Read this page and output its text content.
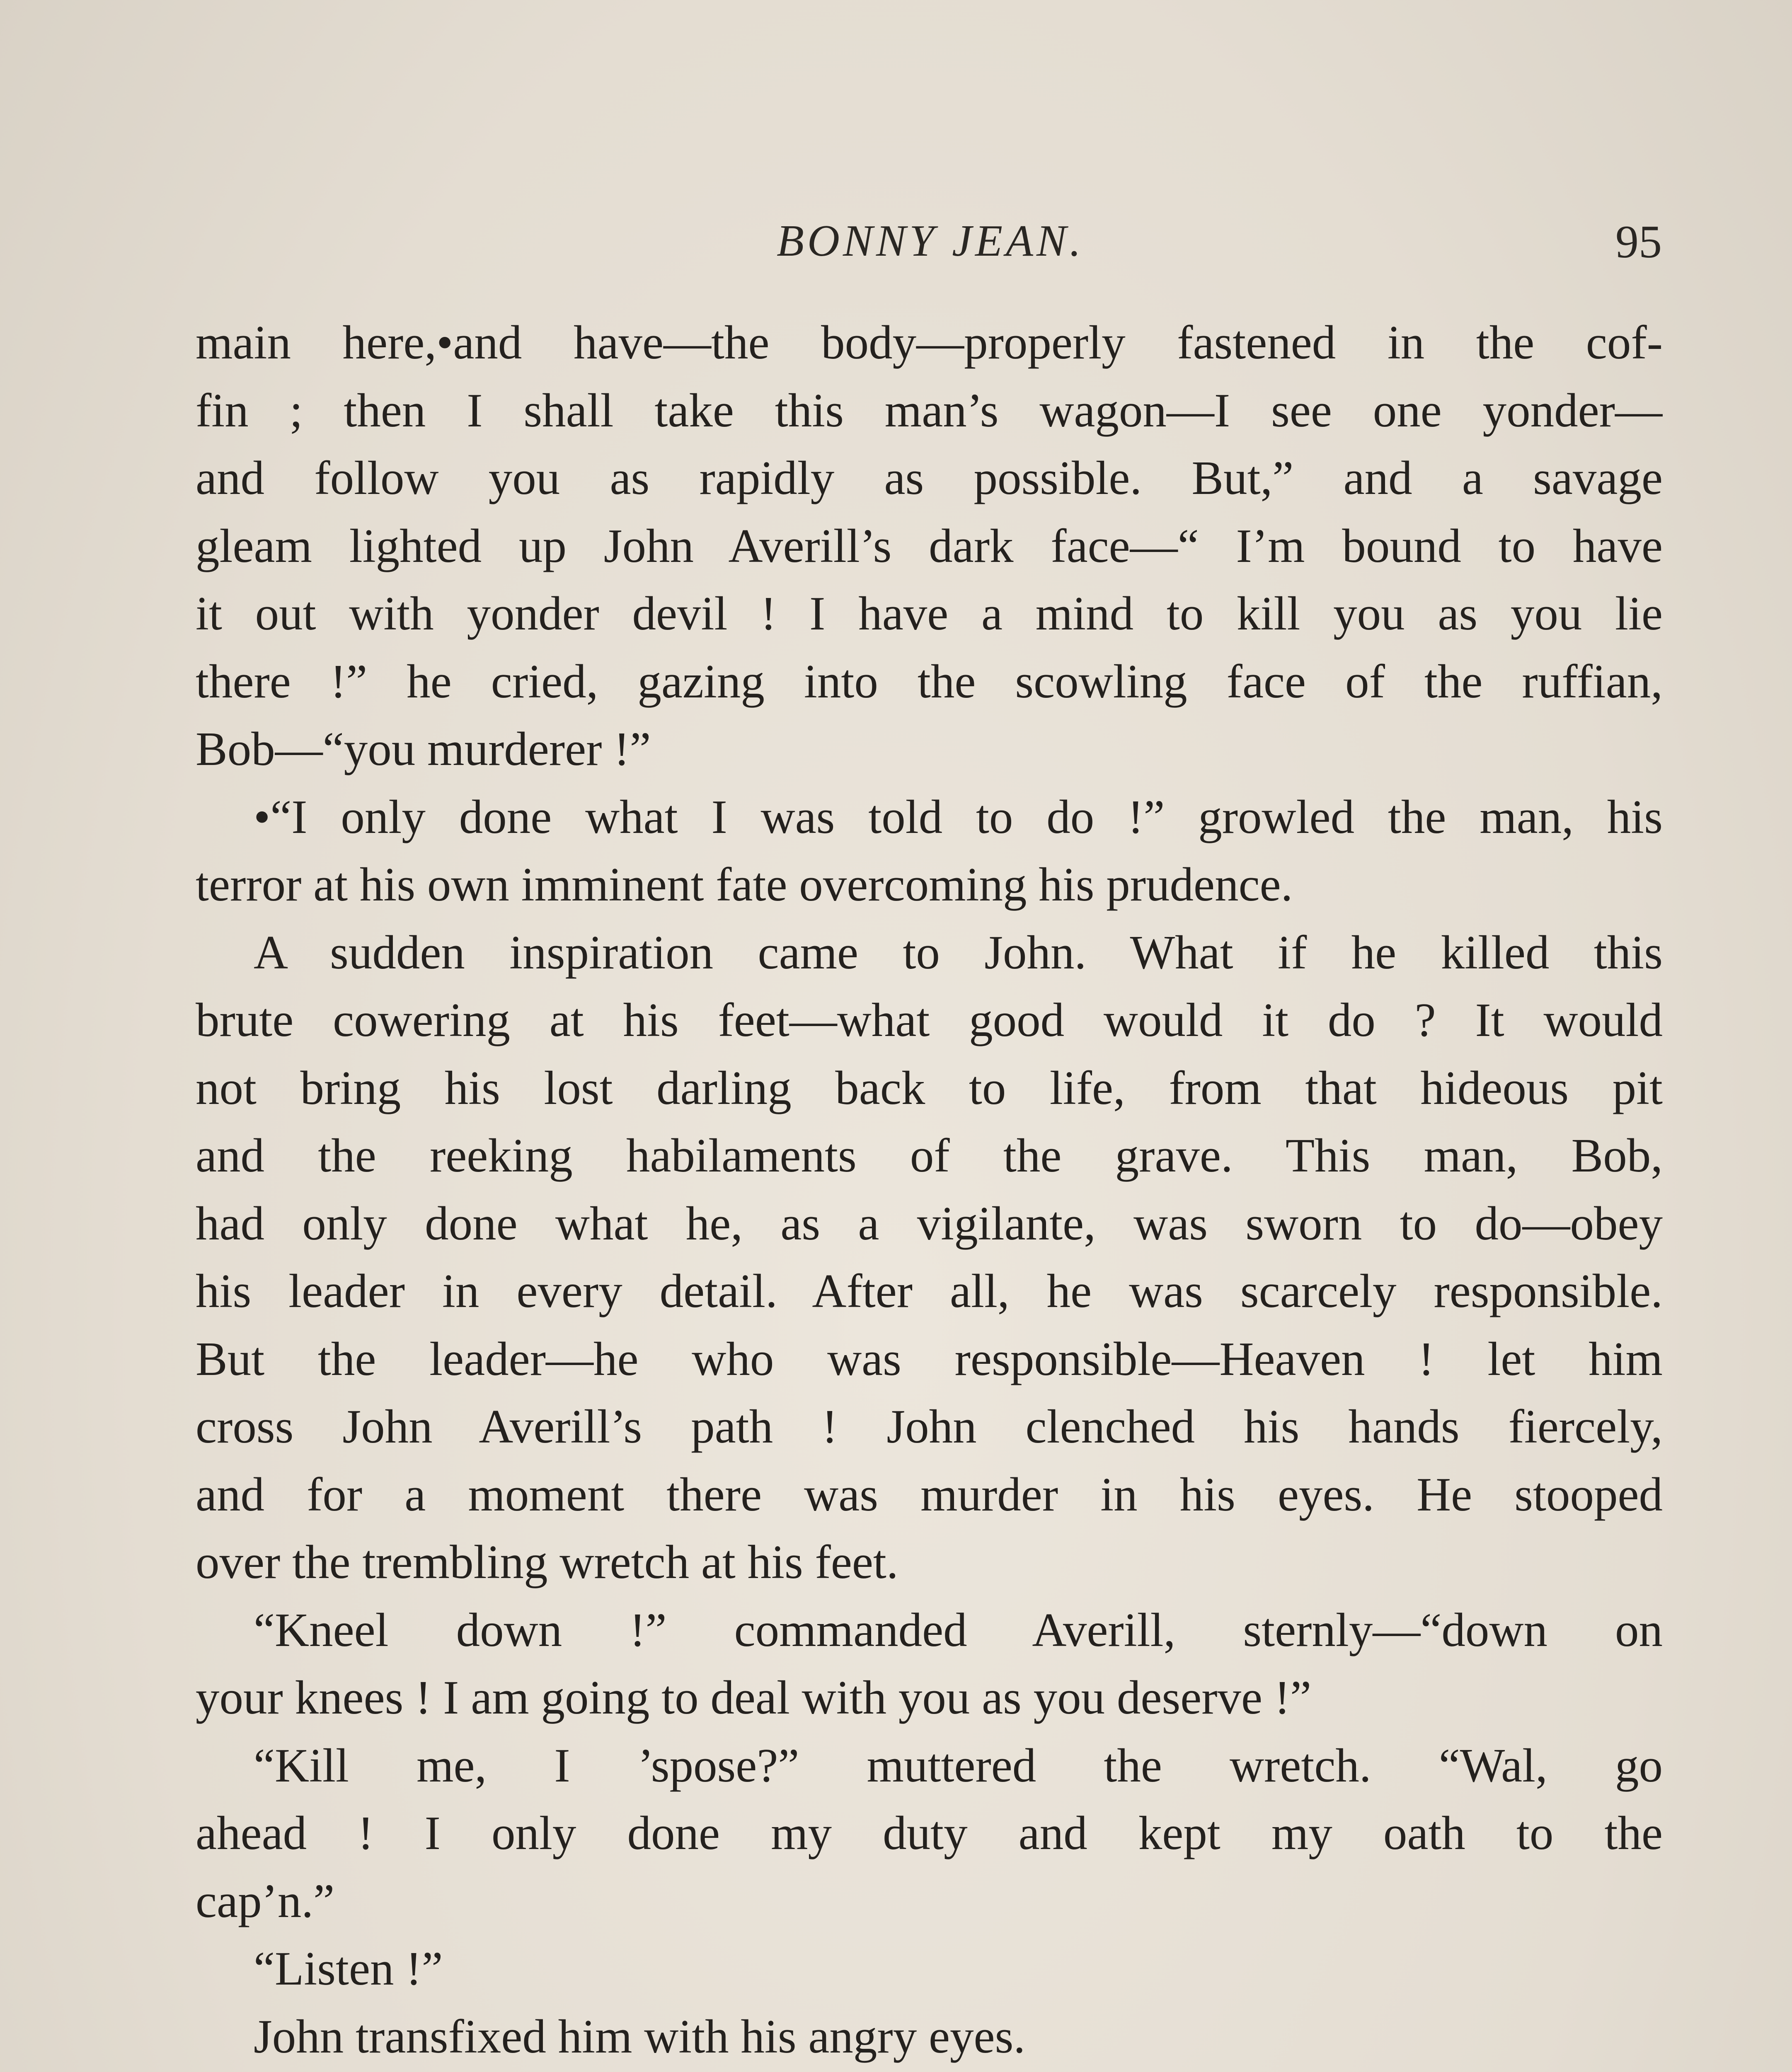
BONNY JEAN.	95
main here,•and have—the body—properly fastened in the cof-
fin ; then I shall take this man’s wagon—I see one yonder—
and follow you as rapidly as possible. But,” and a savage
gleam lighted up John Averill’s dark face—“ I’m bound to have
it out with yonder devil ! I have a mind to kill you as you lie
there !” he cried, gazing into the scowling face of the ruffian,
Bob—“you murderer !”
•“I only done what I was told to do !” growled the man, his
terror at his own imminent fate overcoming his prudence.
A sudden inspiration came to John. What if he killed this
brute cowering at his feet—what good would it do ? It would
not bring his lost darling back to life, from that hideous pit
and the reeking habilaments of the grave. This man, Bob,
had only done what he, as a vigilante, was sworn to do—obey
his leader in every detail. After all, he was scarcely responsible.
But the leader—he who was responsible—Heaven ! let him
cross John Averill’s path ! John clenched his hands fiercely,
and for a moment there was murder in his eyes. He stooped
over the trembling wretch at his feet.
“Kneel down !” commanded Averill, sternly—“down on
your knees ! I am going to deal with you as you deserve !”
“Kill me, I ’spose?” muttered the wretch. “Wal, go
ahead ! I only done my duty and kept my oath to the
cap’n.”
“Listen !”
John transfixed him with his angry eyes.
